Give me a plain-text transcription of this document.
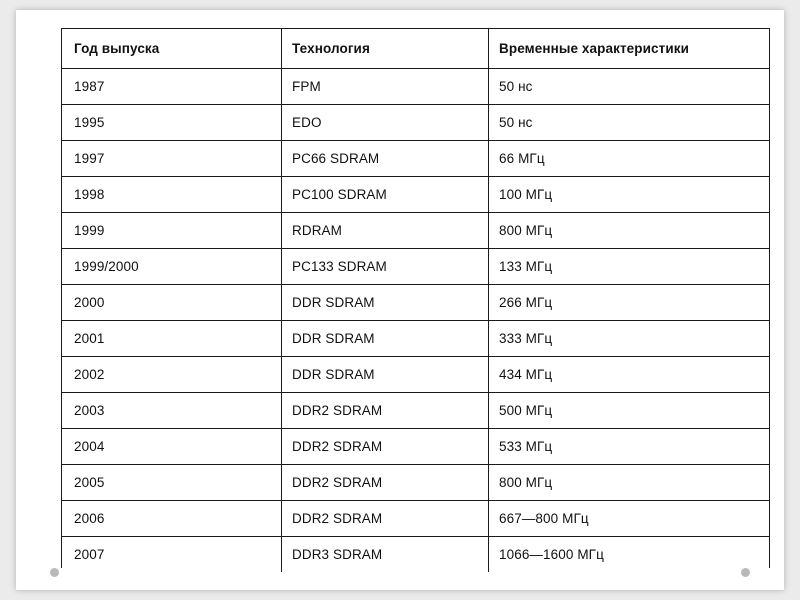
Год выпуска	Технология	Временные характеристики
1987	FPM	50 нс
1995	EDO	50 нс
1997	PC66 SDRAM	66 МГц
1998	PC100 SDRAM	100 МГц
1999	RDRAM	800 МГц
1999/2000	PC133 SDRAM	133 МГц
2000	DDR SDRAM	266 МГц
2001	DDR SDRAM	333 МГц
2002	DDR SDRAM	434 МГц
2003	DDR2 SDRAM	500 МГц
2004	DDR2 SDRAM	533 МГц
2005	DDR2 SDRAM	800 МГц
2006	DDR2 SDRAM	667—800 МГц
2007	DDR3 SDRAM	1066—1600 МГц
